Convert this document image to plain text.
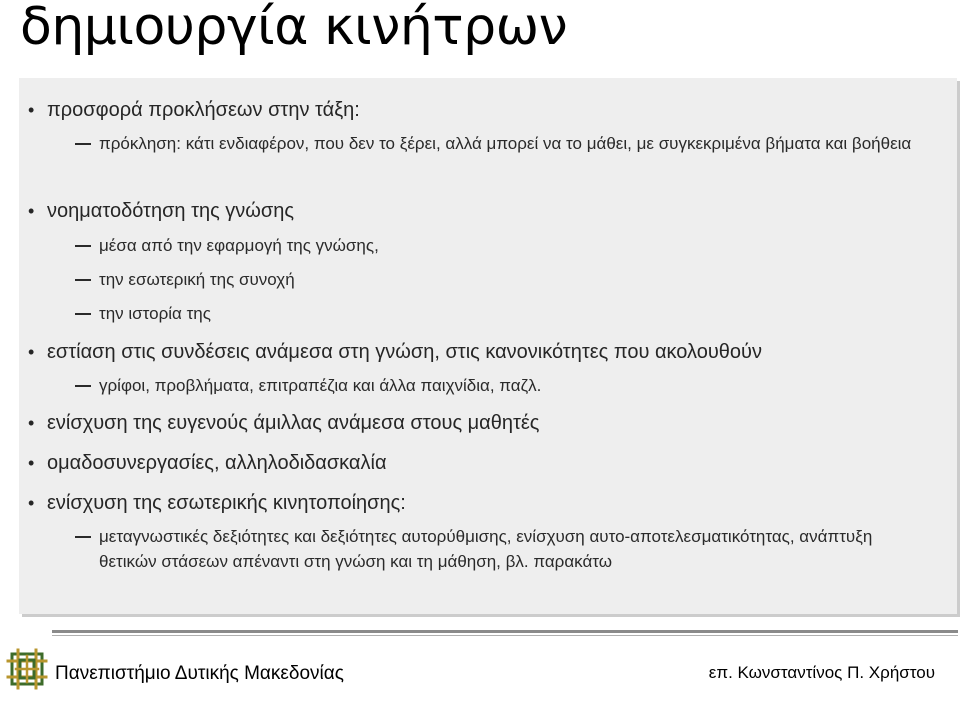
δημιουργία κινήτρων
• προσφορά προκλήσεων στην τάξη:
πρόκληση: κάτι ενδιαφέρον, που δεν το ξέρει, αλλά μπορεί να το μάθει, με συγκεκριμένα βήματα και βοήθεια
• νοηματοδότηση της γνώσης
μέσα από την εφαρμογή της γνώσης,
την εσωτερική της συνοχή
την ιστορία της
• εστίαση στις συνδέσεις ανάμεσα στη γνώση, στις κανονικότητες που ακολουθούν
γρίφοι, προβλήματα, επιτραπέζια και άλλα παιχνίδια, παζλ.
• ενίσχυση της ευγενούς άμιλλας ανάμεσα στους μαθητές
• ομαδοσυνεργασίες, αλληλοδιδασκαλία
• ενίσχυση της εσωτερικής κινητοποίησης:
μεταγνωστικές δεξιότητες και δεξιότητες αυτορύθμισης, ενίσχυση αυτο-αποτελεσματικότητας, ανάπτυξη θετικών στάσεων απέναντι στη γνώση και τη μάθηση, βλ. παρακάτω
Πανεπιστήμιο Δυτικής Μακεδονίας	επ. Κωνσταντίνος Π. Χρήστου
